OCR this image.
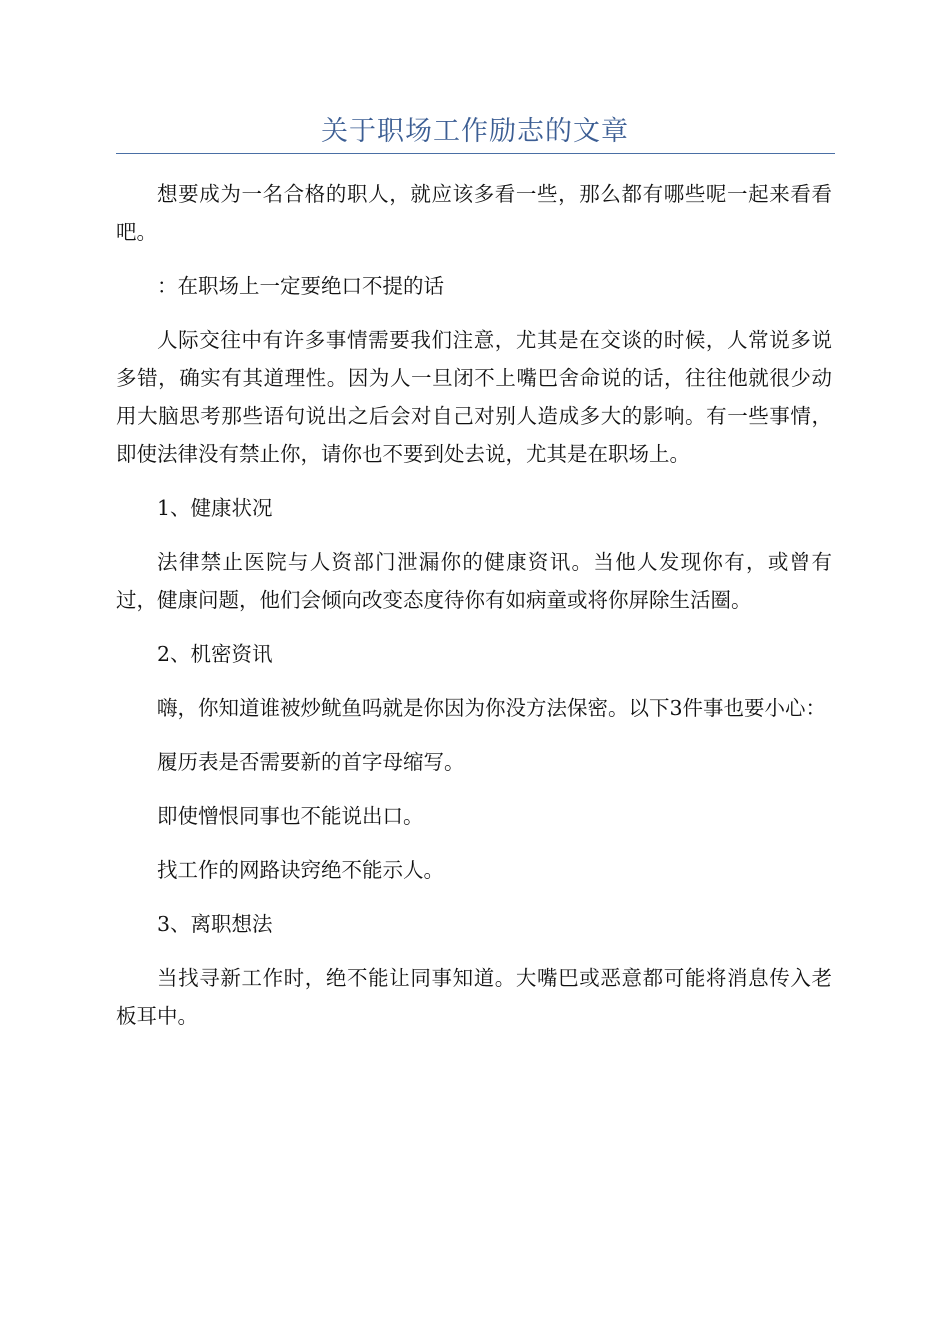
关于职场工作励志的文章

想要成为一名合格的职人，就应该多看一些，那么都有哪些呢一起来看看吧。

：在职场上一定要绝口不提的话

人际交往中有许多事情需要我们注意，尤其是在交谈的时候，人常说多说多错，确实有其道理性。因为人一旦闭不上嘴巴舍命说的话，往往他就很少动用大脑思考那些语句说出之后会对自己对别人造成多大的影响。有一些事情，即使法律没有禁止你，请你也不要到处去说，尤其是在职场上。

1、健康状况

法律禁止医院与人资部门泄漏你的健康资讯。当他人发现你有，或曾有过，健康问题，他们会倾向改变态度待你有如病童或将你屏除生活圈。

2、机密资讯

嗨，你知道谁被炒鱿鱼吗就是你因为你没方法保密。以下3件事也要小心：

履历表是否需要新的首字母缩写。

即使憎恨同事也不能说出口。

找工作的网路诀窍绝不能示人。

3、离职想法

当找寻新工作时，绝不能让同事知道。大嘴巴或恶意都可能将消息传入老板耳中。
